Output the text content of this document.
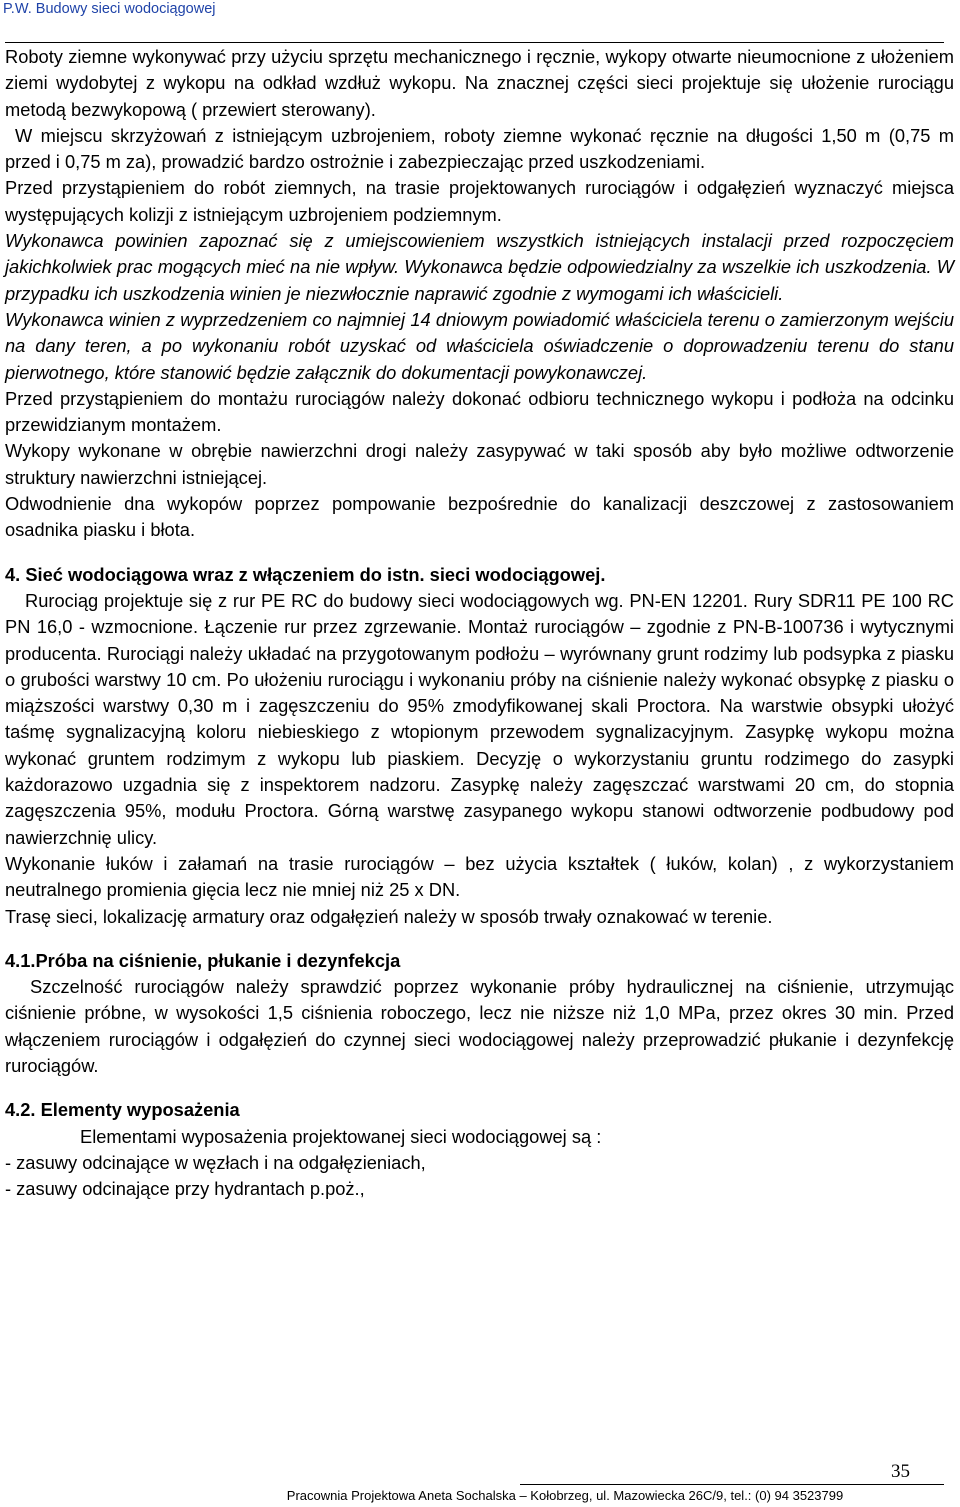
P.W. Budowy sieci wodociągowej

Roboty ziemne wykonywać przy użyciu sprzętu mechanicznego i ręcznie, wykopy otwarte nieumocnione z ułożeniem ziemi wydobytej z wykopu na odkład wzdłuż wykopu. Na znacznej części sieci projektuje się ułożenie rurociągu metodą bezwykopową ( przewiert sterowany).

W miejscu skrzyżowań z istniejącym uzbrojeniem, roboty ziemne wykonać ręcznie na długości 1,50 m (0,75 m przed i 0,75 m za), prowadzić bardzo ostrożnie i zabezpieczając przed uszkodzeniami.

Przed przystąpieniem do robót ziemnych, na trasie projektowanych rurociągów i odgałęzień wyznaczyć miejsca występujących kolizji z istniejącym uzbrojeniem podziemnym.

Wykonawca powinien zapoznać się z umiejscowieniem wszystkich istniejących instalacji przed rozpoczęciem jakichkolwiek prac mogących mieć na nie wpływ. Wykonawca będzie odpowiedzialny za wszelkie ich uszkodzenia. W przypadku ich uszkodzenia winien je niezwłocznie naprawić zgodnie z wymogami ich właścicieli.

Wykonawca winien z wyprzedzeniem co najmniej 14 dniowym powiadomić właściciela terenu o zamierzonym wejściu na dany teren, a po wykonaniu robót uzyskać od właściciela oświadczenie o doprowadzeniu terenu do stanu pierwotnego, które stanowić będzie załącznik do dokumentacji powykonawczej.

Przed przystąpieniem do montażu rurociągów należy dokonać odbioru technicznego wykopu i podłoża na odcinku przewidzianym montażem.

Wykopy wykonane w obrębie nawierzchni drogi należy zasypywać w taki sposób aby było możliwe odtworzenie struktury nawierzchni istniejącej.

Odwodnienie dna wykopów poprzez pompowanie bezpośrednie do kanalizacji deszczowej z zastosowaniem osadnika piasku i błota.

4. Sieć wodociągowa wraz z włączeniem do istn. sieci wodociągowej.

Rurociąg projektuje się z rur PE RC do budowy sieci wodociągowych wg. PN-EN 12201. Rury SDR11 PE 100 RC PN 16,0 - wzmocnione. Łączenie rur przez zgrzewanie. Montaż rurociągów – zgodnie z PN-B-100736 i wytycznymi producenta. Rurociągi należy układać na przygotowanym podłożu – wyrównany grunt rodzimy lub podsypka z piasku o grubości warstwy 10 cm. Po ułożeniu rurociągu i wykonaniu próby na ciśnienie należy wykonać obsypkę z piasku o miąższości warstwy 0,30 m i zagęszczeniu do 95% zmodyfikowanej skali Proctora. Na warstwie obsypki ułożyć taśmę sygnalizacyjną koloru niebieskiego z wtopionym przewodem sygnalizacyjnym. Zasypkę wykopu można wykonać gruntem rodzimym z wykopu lub piaskiem. Decyzję o wykorzystaniu gruntu rodzimego do zasypki każdorazowo uzgadnia się z inspektorem nadzoru. Zasypkę należy zagęszczać warstwami 20 cm, do stopnia zagęszczenia 95%, modułu Proctora. Górną warstwę zasypanego wykopu stanowi odtworzenie podbudowy pod nawierzchnię ulicy.

Wykonanie łuków i załamań na trasie rurociągów – bez użycia kształtek ( łuków, kolan) , z wykorzystaniem neutralnego promienia gięcia lecz nie mniej niż 25 x DN.

Trasę sieci, lokalizację armatury oraz odgałęzień należy w sposób trwały oznakować w terenie.

4.1.Próba na ciśnienie, płukanie i dezynfekcja

Szczelność rurociągów należy sprawdzić poprzez wykonanie próby hydraulicznej na ciśnienie, utrzymując ciśnienie próbne, w wysokości 1,5 ciśnienia roboczego, lecz nie niższe niż 1,0 MPa, przez okres 30 min. Przed włączeniem rurociągów i odgałęzień do czynnej sieci wodociągowej należy przeprowadzić płukanie i dezynfekcję rurociągów.

4.2. Elementy wyposażenia

Elementami wyposażenia projektowanej sieci wodociągowej są :

- zasuwy odcinające w węzłach i na odgałęzieniach,

- zasuwy odcinające przy hydrantach p.poż.,

35
Pracownia Projektowa Aneta Sochalska – Kołobrzeg, ul. Mazowiecka 26C/9, tel.: (0) 94 3523799
